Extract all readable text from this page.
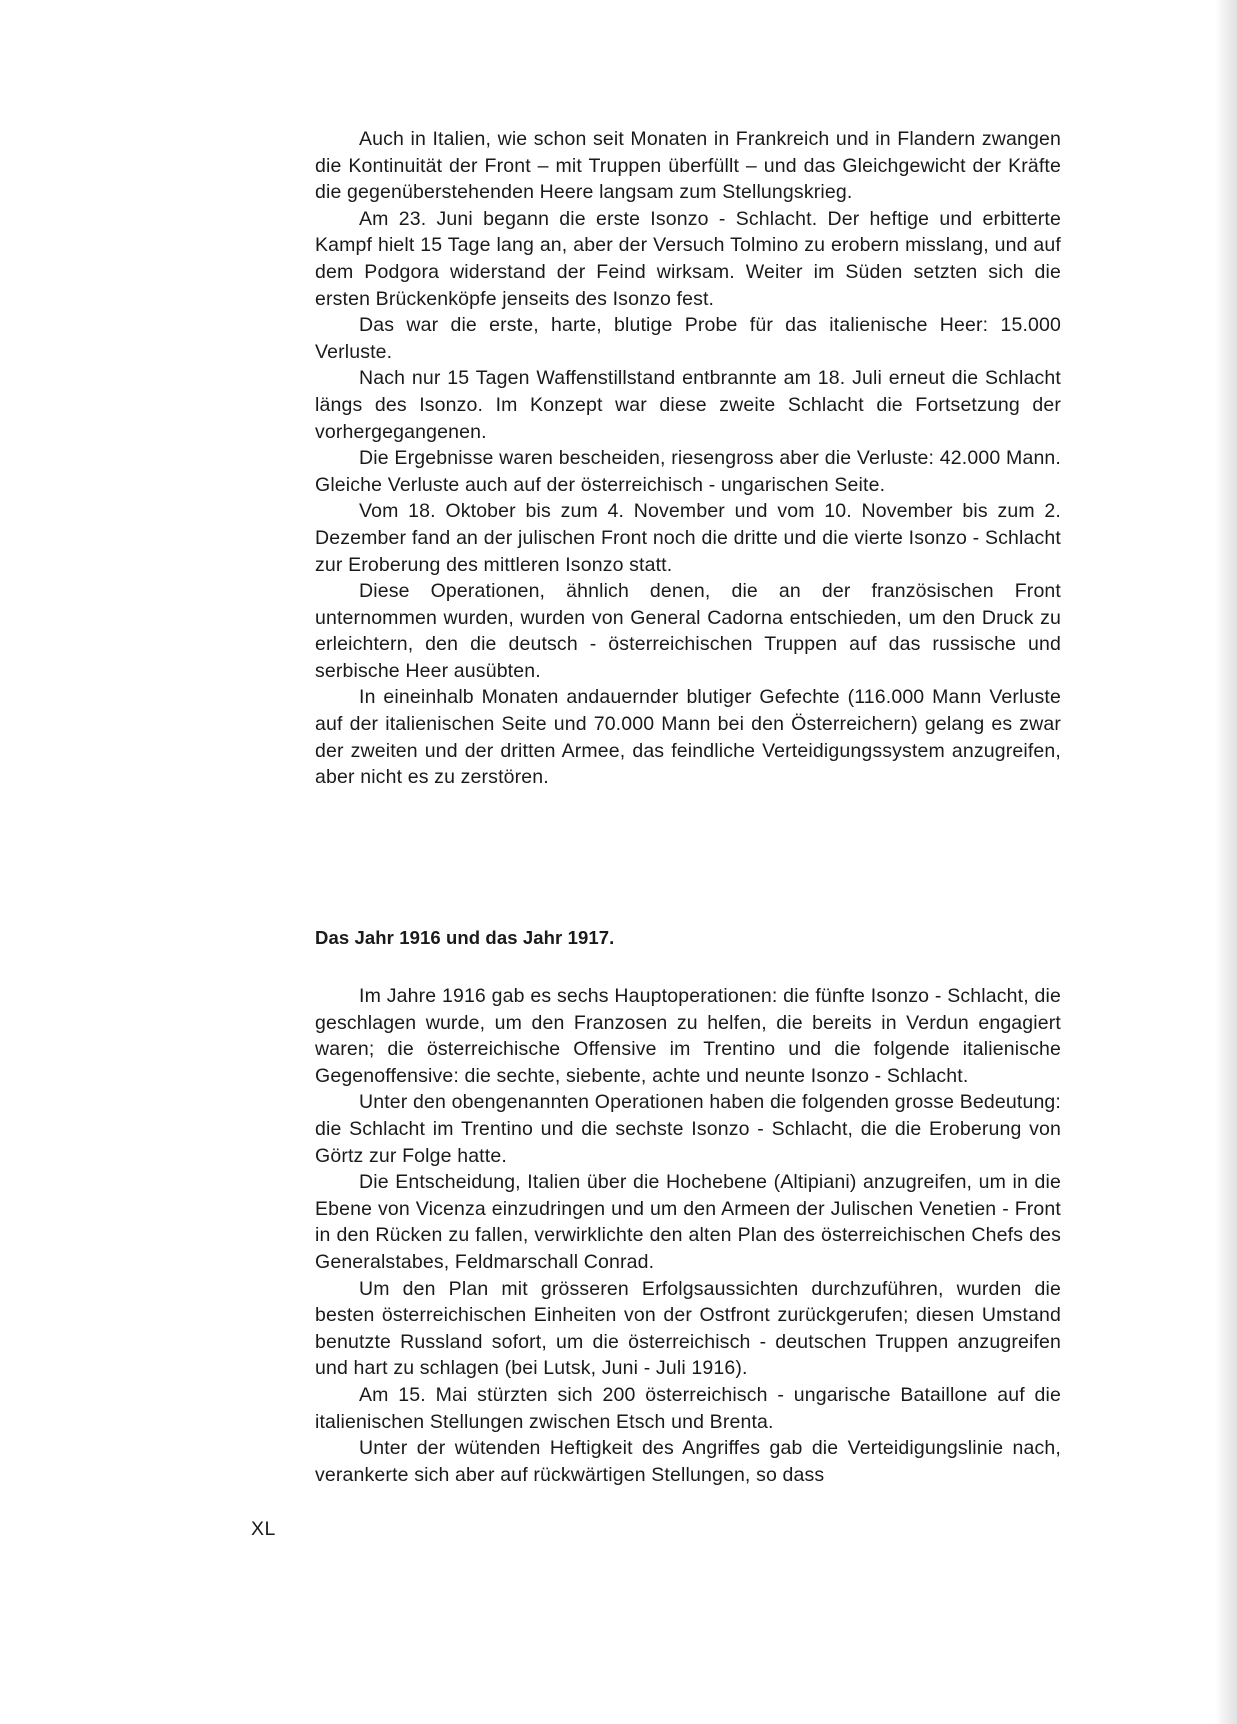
Auch in Italien, wie schon seit Monaten in Frankreich und in Flandern zwangen die Kontinuität der Front – mit Truppen überfüllt – und das Gleichgewicht der Kräfte die gegenüberstehenden Heere langsam zum Stellungskrieg.

Am 23. Juni begann die erste Isonzo - Schlacht. Der heftige und erbitterte Kampf hielt 15 Tage lang an, aber der Versuch Tolmino zu erobern misslang, und auf dem Podgora widerstand der Feind wirksam. Weiter im Süden setzten sich die ersten Brückenköpfe jenseits des Isonzo fest.

Das war die erste, harte, blutige Probe für das italienische Heer: 15.000 Verluste.

Nach nur 15 Tagen Waffenstillstand entbrannte am 18. Juli erneut die Schlacht längs des Isonzo. Im Konzept war diese zweite Schlacht die Fortsetzung der vorhergegangenen.

Die Ergebnisse waren bescheiden, riesengross aber die Verluste: 42.000 Mann. Gleiche Verluste auch auf der österreichisch - ungarischen Seite.

Vom 18. Oktober bis zum 4. November und vom 10. November bis zum 2. Dezember fand an der julischen Front noch die dritte und die vierte Isonzo - Schlacht zur Eroberung des mittleren Isonzo statt.

Diese Operationen, ähnlich denen, die an der französischen Front unternommen wurden, wurden von General Cadorna entschieden, um den Druck zu erleichtern, den die deutsch - österreichischen Truppen auf das russische und serbische Heer ausübten.

In eineinhalb Monaten andauernder blutiger Gefechte (116.000 Mann Verluste auf der italienischen Seite und 70.000 Mann bei den Österreichern) gelang es zwar der zweiten und der dritten Armee, das feindliche Verteidigungssystem anzugreifen, aber nicht es zu zerstören.

Das Jahr 1916 und das Jahr 1917.

Im Jahre 1916 gab es sechs Hauptoperationen: die fünfte Isonzo - Schlacht, die geschlagen wurde, um den Franzosen zu helfen, die bereits in Verdun engagiert waren; die österreichische Offensive im Trentino und die folgende italienische Gegenoffensive: die sechte, siebente, achte und neunte Isonzo - Schlacht.

Unter den obengenannten Operationen haben die folgenden grosse Bedeutung: die Schlacht im Trentino und die sechste Isonzo - Schlacht, die die Eroberung von Görtz zur Folge hatte.

Die Entscheidung, Italien über die Hochebene (Altipiani) anzugreifen, um in die Ebene von Vicenza einzudringen und um den Armeen der Julischen Venetien - Front in den Rücken zu fallen, verwirklichte den alten Plan des österreichischen Chefs des Generalstabes, Feldmarschall Conrad.

Um den Plan mit grösseren Erfolgsaussichten durchzuführen, wurden die besten österreichischen Einheiten von der Ostfront zurückgerufen; diesen Umstand benutzte Russland sofort, um die österreichisch - deutschen Truppen anzugreifen und hart zu schlagen (bei Lutsk, Juni - Juli 1916).

Am 15. Mai stürzten sich 200 österreichisch - ungarische Bataillone auf die italienischen Stellungen zwischen Etsch und Brenta.

Unter der wütenden Heftigkeit des Angriffes gab die Verteidigungslinie nach, verankerte sich aber auf rückwärtigen Stellungen, so dass

XL
